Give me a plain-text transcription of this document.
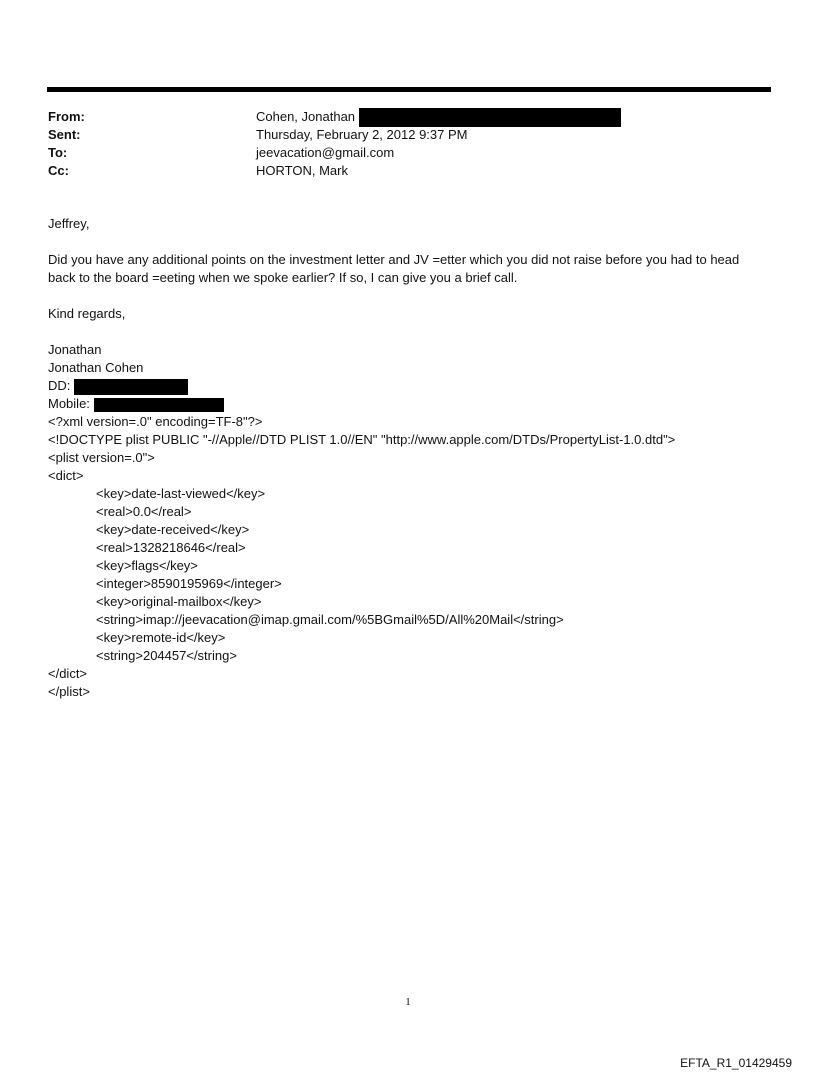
From:	Cohen, Jonathan
Sent:	Thursday, February 2, 2012 9:37 PM
To:	jeevacation@gmail.com
Cc:	HORTON, Mark

Jeffrey,

Did you have any additional points on the investment letter and JV =etter which you did not raise before you had to head back to the board =eeting when we spoke earlier? If so, I can give you a brief call.

Kind regards,

Jonathan

Jonathan Cohen

DD:

Mobile:

<?xml version=.0" encoding=TF-8"?>
<!DOCTYPE plist PUBLIC "-//Apple//DTD PLIST 1.0//EN" "http://www.apple.com/DTDs/PropertyList-1.0.dtd">
<plist version=.0">
<dict>
<key>date-last-viewed</key>
<real>0.0</real>
<key>date-received</key>
<real>1328218646</real>
<key>flags</key>
<integer>8590195969</integer>
<key>original-mailbox</key>
<string>imap://jeevacation@imap.gmail.com/%5BGmail%5D/All%20Mail</string>
<key>remote-id</key>
<string>204457</string>
</dict>
</plist>
1
EFTA_R1_01429459
